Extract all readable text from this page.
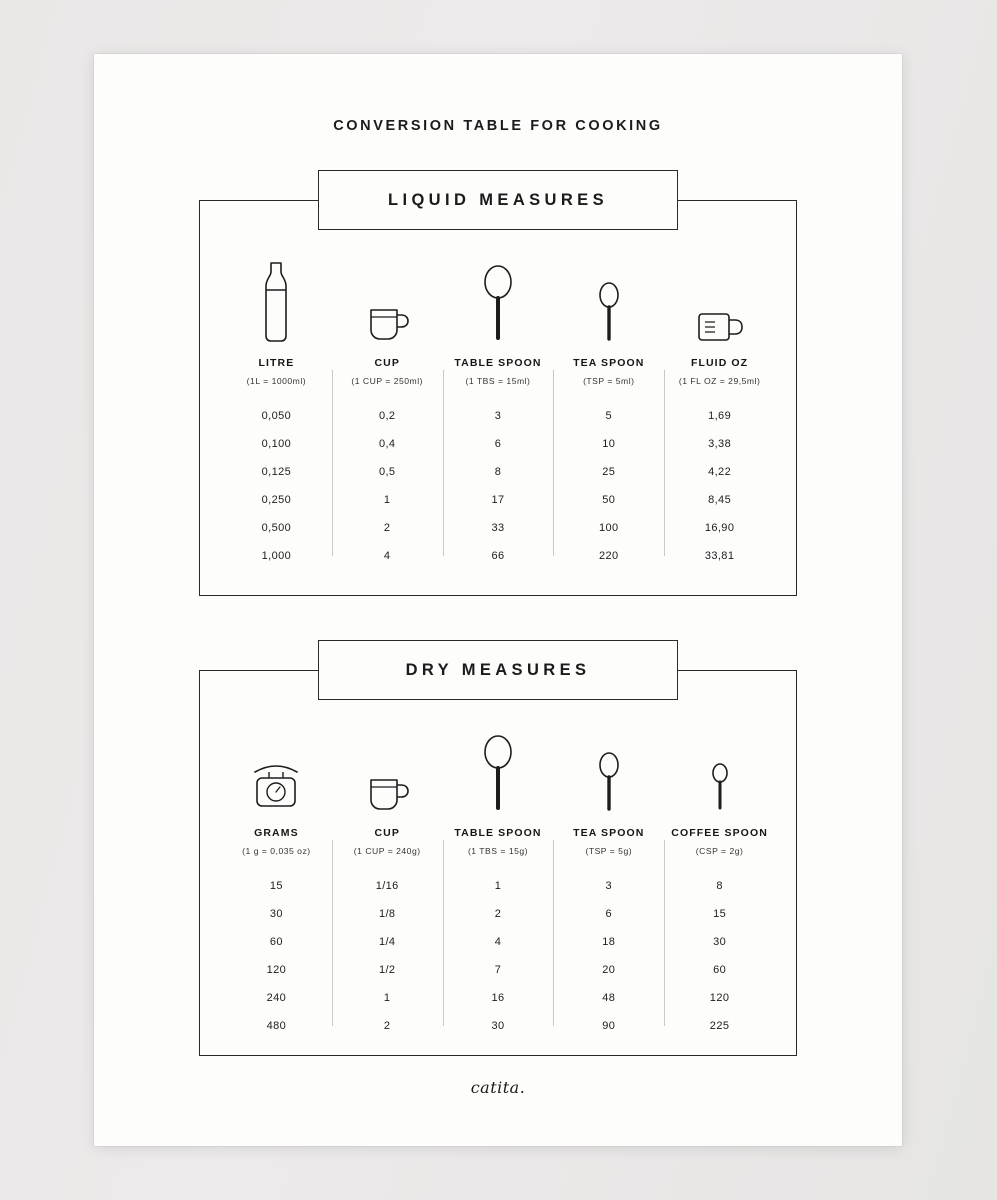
CONVERSION TABLE FOR COOKING
LIQUID MEASURES
LITRE
(1L = 1000ml)
0,050
0,100
0,125
0,250
0,500
1,000
CUP
(1 CUP = 250ml)
0,2
0,4
0,5
1
2
4
TABLE SPOON
(1 TBS = 15ml)
3
6
8
17
33
66
TEA SPOON
(TSP = 5ml)
5
10
25
50
100
220
FLUID OZ
(1 FL OZ = 29,5ml)
1,69
3,38
4,22
8,45
16,90
33,81
DRY MEASURES
GRAMS
(1 g = 0,035 oz)
15
30
60
120
240
480
CUP
(1 CUP = 240g)
1/16
1/8
1/4
1/2
1
2
TABLE SPOON
(1 TBS = 15g)
1
2
4
7
16
30
TEA SPOON
(TSP = 5g)
3
6
18
20
48
90
COFFEE SPOON
(CSP = 2g)
8
15
30
60
120
225
catita.
